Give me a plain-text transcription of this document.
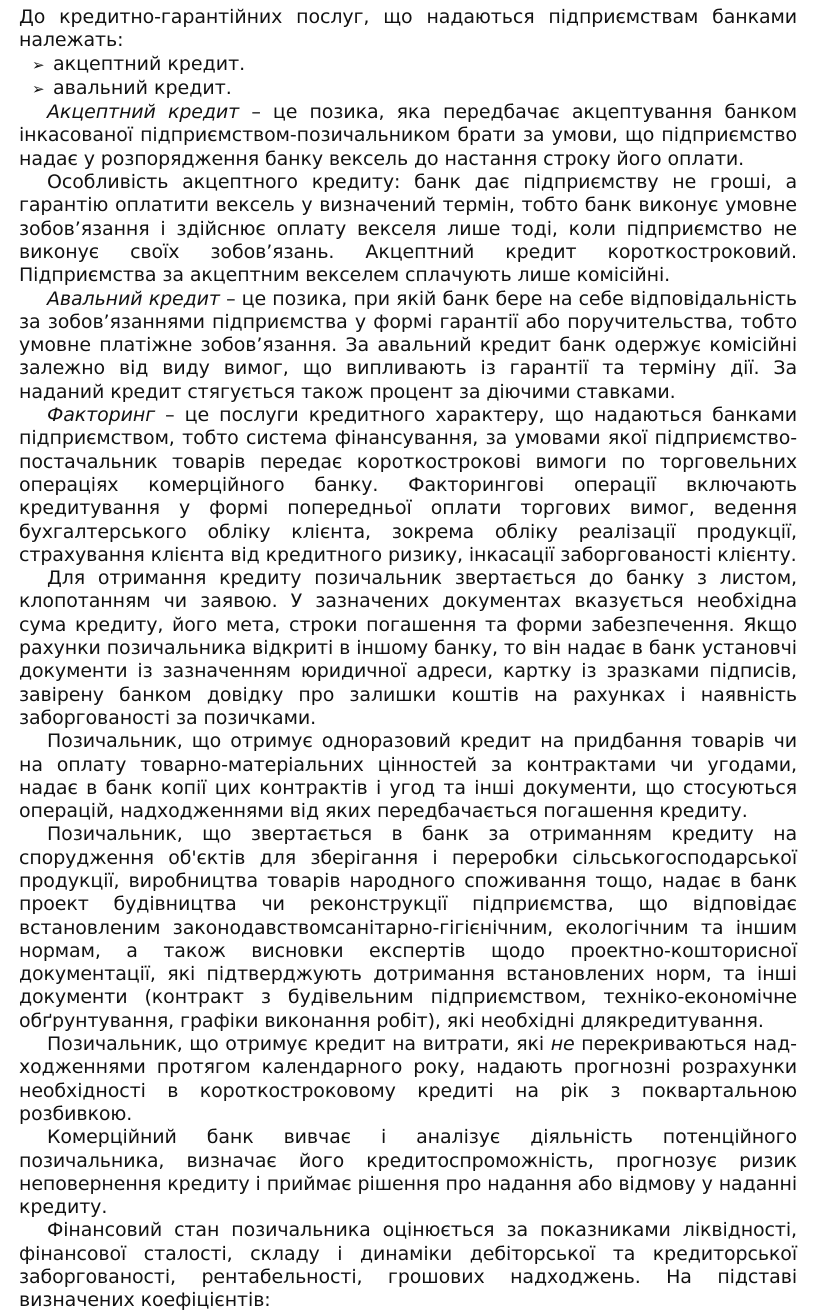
До кредитно-гарантійних послуг, що надаються підприємствам банками належать:

➢ акцептний кредит.
➢ авальний кредит.

Акцептний кредит – це позика, яка передбачає акцептування банком інкасованої підприємством-позичальником брати за умови, що підприємство надає у розпорядження банку вексель до настання строку його оплати.

Особливість акцептного кредиту: банк дає підприємству не гроші, а гарантію оплатити вексель у визначений термін, тобто банк виконує умовне зобов’язання і здійснює оплату векселя лише тоді, коли підприємство не виконує своїх зобов’язань. Акцептний кредит короткостроковий. Підприємства за акцептним векселем сплачують лише комісійні.

Авальний кредит – це позика, при якій банк бере на себе відповідальність за зобов’язаннями підприємства у формі гарантії або поручительства, тобто умовне платіжне зобов’язання. За авальний кредит банк одержує комісійні залежно від виду вимог, що випливають із гарантії та терміну дії. За наданий кредит стягується також процент за діючими ставками.

Факторинг – це послуги кредитного характеру, що надаються банками підприємством, тобто система фінансування, за умовами якої підприємство-постачальник товарів передає короткострокові вимоги по торговельних операціях комерційного банку. Факторингові операції включають кредитування у формі попередньої оплати торгових вимог, ведення бухгалтерського обліку клієнта, зокрема обліку реалізації продукції, страхування клієнта від кредитного ризику, інкасації заборгованості клієнту.

Для отримання кредиту позичальник звертається до банку з листом, клопотанням чи заявою. У зазначених документах вказується необхідна сума кредиту, його мета, строки погашення та форми забезпечення. Якщо рахунки позичальника відкриті в іншому банку, то він надає в банк установчі документи із зазначенням юридичної адреси, картку із зразками підписів, завірену банком довідку про залишки коштів на рахунках і наявність заборгованості за позичками.

Позичальник, що отримує одноразовий кредит на придбання товарів чи на оплату товарно-матеріальних цінностей за контрактами чи угодами, надає в банк копії цих контрактів і угод та інші документи, що стосуються операцій, надходженнями від яких передбачається погашення кредиту.

Позичальник, що звертається в банк за отриманням кредиту на спорудження об'єктів для зберігання і переробки сільськогосподарської продукції, виробництва товарів народного споживання тощо, надає в банк проект будівництва чи реконструкції підприємства, що відповідає встановленим законодавствомсанітарно-гігієнічним, екологічним та іншим нормам, а також висновки експертів щодо проектно-кошторисної документації, які підтверджують дотримання встановлених норм, та інші документи (контракт з будівельним підприємством, техніко-економічне обґрунтування, графіки виконання робіт), які необхідні длякредитування.

Позичальник, що отримує кредит на витрати, які не перекриваються надходженнями протягом календарного року, надають прогнозні розрахунки необхідності в короткостроковому кредиті на рік з поквартальною розбивкою.

Комерційний банк вивчає і аналізує діяльність потенційного позичальника, визначає його кредитоспроможність, прогнозує ризик неповернення кредиту і приймає рішення про надання або відмову у наданні кредиту.

Фінансовий стан позичальника оцінюється за показниками ліквідності, фінансової сталості, складу і динаміки дебіторської та кредиторської заборгованості, рентабельності, грошових надходжень. На підставі визначених коефіцієнтів:
